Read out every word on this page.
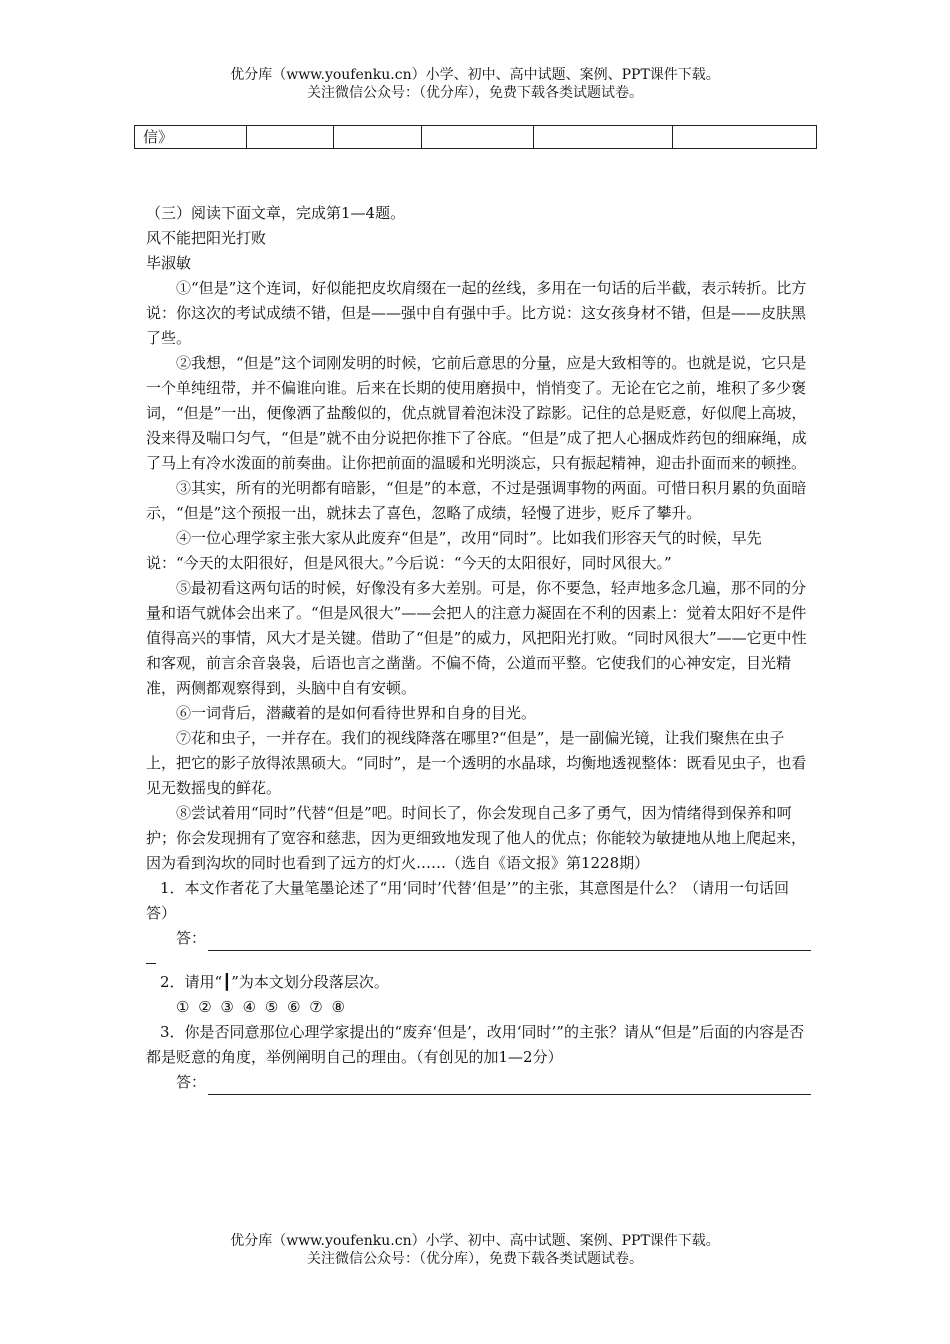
优分库（www.youfenku.cn）小学、初中、高中试题、案例、PPT课件下载。
关注微信公众号：（优分库），免费下载各类试题试卷。
信》					

（三）阅读下面文章，完成第1—4题。

风不能把阳光打败

毕淑敏

①“但是”这个连词，好似能把皮坎肩缀在一起的丝线，多用在一句话的后半截，表示转折。比方说：你这次的考试成绩不错，但是——强中自有强中手。比方说：这女孩身材不错，但是——皮肤黑了些。

②我想，“但是”这个词刚发明的时候，它前后意思的分量，应是大致相等的。也就是说，它只是一个单纯纽带，并不偏谁向谁。后来在长期的使用磨损中，悄悄变了。无论在它之前，堆积了多少褒词，“但是”一出，便像洒了盐酸似的，优点就冒着泡沫没了踪影。记住的总是贬意，好似爬上高坡，没来得及喘口匀气，“但是”就不由分说把你推下了谷底。“但是”成了把人心捆成炸药包的细麻绳，成了马上有冷水泼面的前奏曲。让你把前面的温暖和光明淡忘，只有振起精神，迎击扑面而来的顿挫。

③其实，所有的光明都有暗影，“但是”的本意，不过是强调事物的两面。可惜日积月累的负面暗示，“但是”这个预报一出，就抹去了喜色，忽略了成绩，轻慢了进步，贬斥了攀升。

④一位心理学家主张大家从此废弃“但是”，改用“同时”。比如我们形容天气的时候，早先说：“今天的太阳很好，但是风很大。”今后说：“今天的太阳很好，同时风很大。”

⑤最初看这两句话的时候，好像没有多大差别。可是，你不要急，轻声地多念几遍，那不同的分量和语气就体会出来了。“但是风很大”——会把人的注意力凝固在不利的因素上：觉着太阳好不是件值得高兴的事情，风大才是关键。借助了“但是”的威力，风把阳光打败。“同时风很大”——它更中性和客观，前言余音袅袅，后语也言之凿凿。不偏不倚，公道而平整。它使我们的心神安定，目光精准，两侧都观察得到，头脑中自有安顿。

⑥一词背后，潜藏着的是如何看待世界和自身的目光。

⑦花和虫子，一并存在。我们的视线降落在哪里?“但是”，是一副偏光镜，让我们聚焦在虫子上，把它的影子放得浓黑硕大。“同时”，是一个透明的水晶球，均衡地透视整体：既看见虫子，也看见无数摇曳的鲜花。

⑧尝试着用“同时”代替“但是”吧。时间长了，你会发现自己多了勇气，因为情绪得到保养和呵护；你会发现拥有了宽容和慈悲，因为更细致地发现了他人的优点；你能较为敏捷地从地上爬起来，因为看到沟坎的同时也看到了远方的灯火……（选自《语文报》第1228期）

1．本文作者花了大量笔墨论述了“用‘同时’代替‘但是’”的主张，其意图是什么？（请用一句话回答）

答：

2．请用“┃”为本文划分段落层次。

① ② ③ ④ ⑤ ⑥ ⑦ ⑧

3．你是否同意那位心理学家提出的“废弃‘但是’，改用‘同时’”的主张？请从“但是”后面的内容是否都是贬意的角度，举例阐明自己的理由。（有创见的加1—2分）

答：
优分库（www.youfenku.cn）小学、初中、高中试题、案例、PPT课件下载。
关注微信公众号：（优分库），免费下载各类试题试卷。
